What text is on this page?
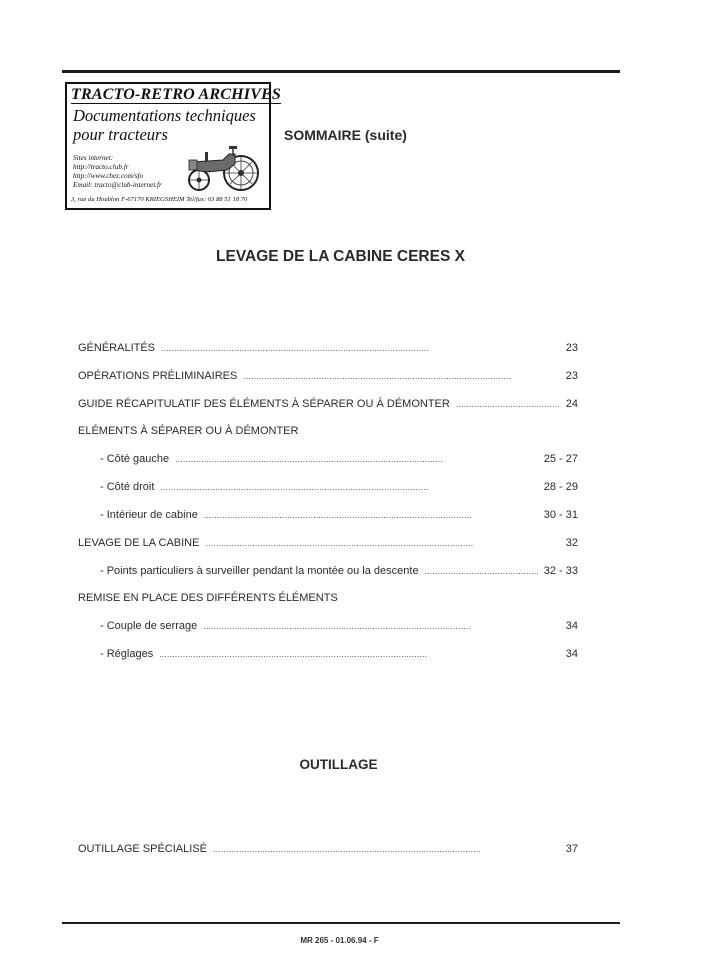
TRACTO-RETRO ARCHIVES
Documentations techniques
pour tracteurs
Sites internet:
http://tracto.club.fr
http://www.chez.com/sfo
Email: tracto@club-internet.fr
3, rue du Houblon F-67170 KRIEGSHEIM Tel/fax: 03 88 51 18 70
SOMMAIRE (suite)
LEVAGE DE LA CABINE CERES X
GÉNÉRALITÉS . . .	23
OPÉRATIONS PRÉLIMINAIRES . . .	23
GUIDE RÉCAPITULATIF DES ÉLÉMENTS À SÉPARER OU À DÉMONTER . . .	24
ELÉMENTS À SÉPARER OU À DÉMONTER
- Côté gauche . . .	25 - 27
- Côté droit . . .	28 - 29
- Intérieur de cabine . . .	30 - 31
LEVAGE DE LA CABINE . . .	32
- Points particuliers à surveiller pendant la montée ou la descente . . .	32 - 33
REMISE EN PLACE DES DIFFÉRENTS ÉLÉMENTS
- Couple de serrage . . .	34
- Réglages . . .	34
OUTILLAGE
OUTILLAGE SPÉCIALISÉ . . .	37
MR 265 - 01.06.94 - F
